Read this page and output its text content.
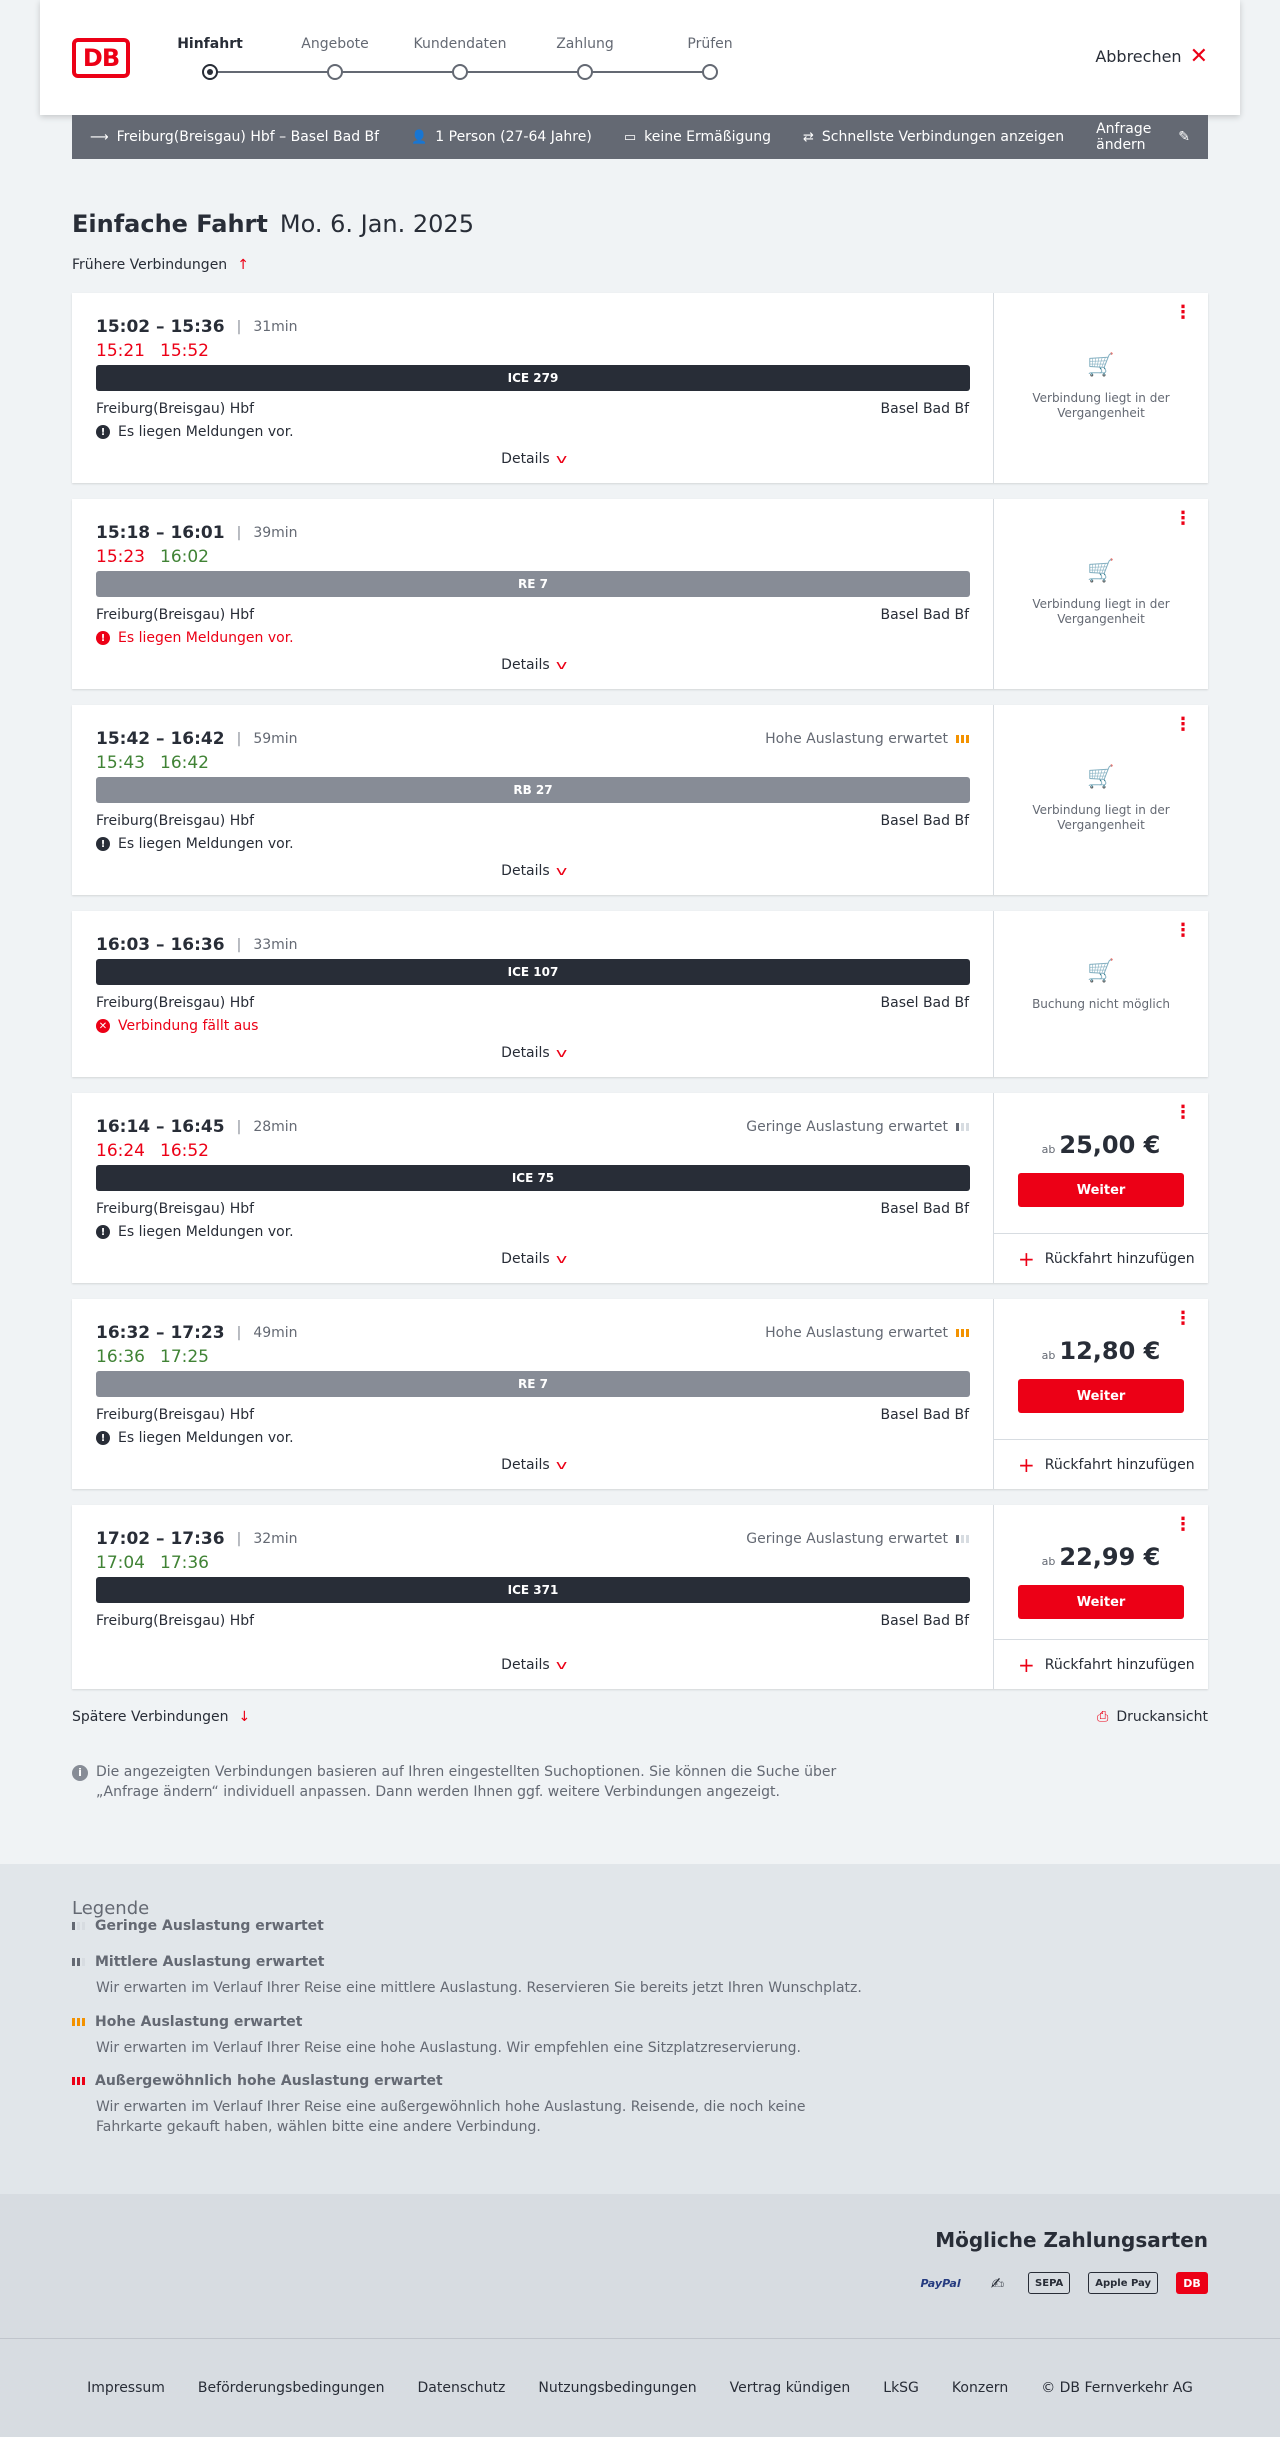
DB	Hinfahrt	Angebote	Kundendaten	Zahlung	Prüfen
Abbrechen ✕
⟶ Freiburg(Breisgau) Hbf – Basel Bad Bf 👤 1 Person (27-64 Jahre) ▭ keine Ermäßigung ⇄ Schnellste Verbindungen anzeigen Anfrage ändern	✎
Einfache Fahrt Mo. 6. Jan. 2025
Frühere Verbindungen ↑
15:02 – 15:36 | 31min
15:21 15:52
ICE 279
Freiburg(Breisgau) Hbf	Basel Bad Bf
! Es liegen Meldungen vor.
Details v
⋮
🛒
Verbindung liegt in der Vergangenheit
15:18 – 16:01 | 39min
15:23 16:02
RE 7
Freiburg(Breisgau) Hbf	Basel Bad Bf
! Es liegen Meldungen vor.
Details v
⋮
🛒
Verbindung liegt in der Vergangenheit
15:42 – 16:42 | 59min	Hohe Auslastung erwartet
15:43 16:42
RB 27
Freiburg(Breisgau) Hbf	Basel Bad Bf
! Es liegen Meldungen vor.
Details v
⋮
🛒
Verbindung liegt in der Vergangenheit
16:03 – 16:36 | 33min
ICE 107
Freiburg(Breisgau) Hbf	Basel Bad Bf
✕ Verbindung fällt aus
Details v
⋮
🛒
Buchung nicht möglich
16:14 – 16:45 | 28min	Geringe Auslastung erwartet
16:24 16:52
ICE 75
Freiburg(Breisgau) Hbf	Basel Bad Bf
! Es liegen Meldungen vor.
Details v
⋮
ab 25,00 €
Weiter
+ Rückfahrt hinzufügen
16:32 – 17:23 | 49min	Hohe Auslastung erwartet
16:36 17:25
RE 7
Freiburg(Breisgau) Hbf	Basel Bad Bf
! Es liegen Meldungen vor.
Details v
⋮
ab 12,80 €
Weiter
+ Rückfahrt hinzufügen
17:02 – 17:36 | 32min	Geringe Auslastung erwartet
17:04 17:36
ICE 371
Freiburg(Breisgau) Hbf	Basel Bad Bf
Details v
⋮
ab 22,99 €
Weiter
+ Rückfahrt hinzufügen
Spätere Verbindungen ↓	⎙ Druckansicht
i	Die angezeigten Verbindungen basieren auf Ihren eingestellten Suchoptionen. Sie können die Suche über „Anfrage ändern“ individuell anpassen. Dann werden Ihnen ggf. weitere Verbindungen angezeigt.
Legende
Geringe Auslastung erwartet
Mittlere Auslastung erwartet
Wir erwarten im Verlauf Ihrer Reise eine mittlere Auslastung. Reservieren Sie bereits jetzt Ihren Wunschplatz.
Hohe Auslastung erwartet
Wir erwarten im Verlauf Ihrer Reise eine hohe Auslastung. Wir empfehlen eine Sitzplatzreservierung.
Außergewöhnlich hohe Auslastung erwartet
Wir erwarten im Verlauf Ihrer Reise eine außergewöhnlich hohe Auslastung. Reisende, die noch keine Fahrkarte gekauft haben, wählen bitte eine andere Verbindung.
Mögliche Zahlungsarten
PayPal	✍	SEPA	Apple Pay	DB
Impressum Beförderungsbedingungen Datenschutz Nutzungsbedingungen Vertrag kündigen LkSG Konzern © DB Fernverkehr AG
